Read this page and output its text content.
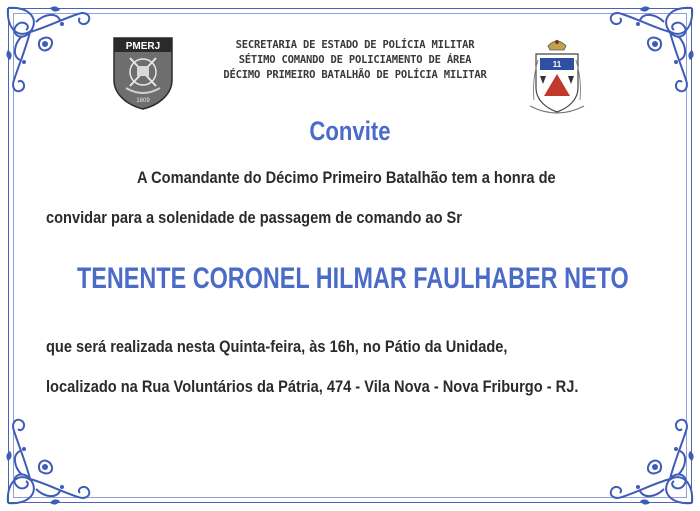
PMERJ
1809
11
SECRETARIA DE ESTADO DE POLÍCIA MILITAR
SÉTIMO COMANDO DE POLICIAMENTO DE ÁREA
DÉCIMO PRIMEIRO BATALHÃO DE POLÍCIA MILITAR
Convite
A Comandante do Décimo Primeiro Batalhão tem a honra de
convidar para a solenidade de passagem de comando ao Sr
TENENTE CORONEL HILMAR FAULHABER NETO
que será realizada nesta Quinta-feira, às 16h, no Pátio da Unidade,
localizado na Rua Voluntários da Pátria, 474 - Vila Nova - Nova Friburgo - RJ.
